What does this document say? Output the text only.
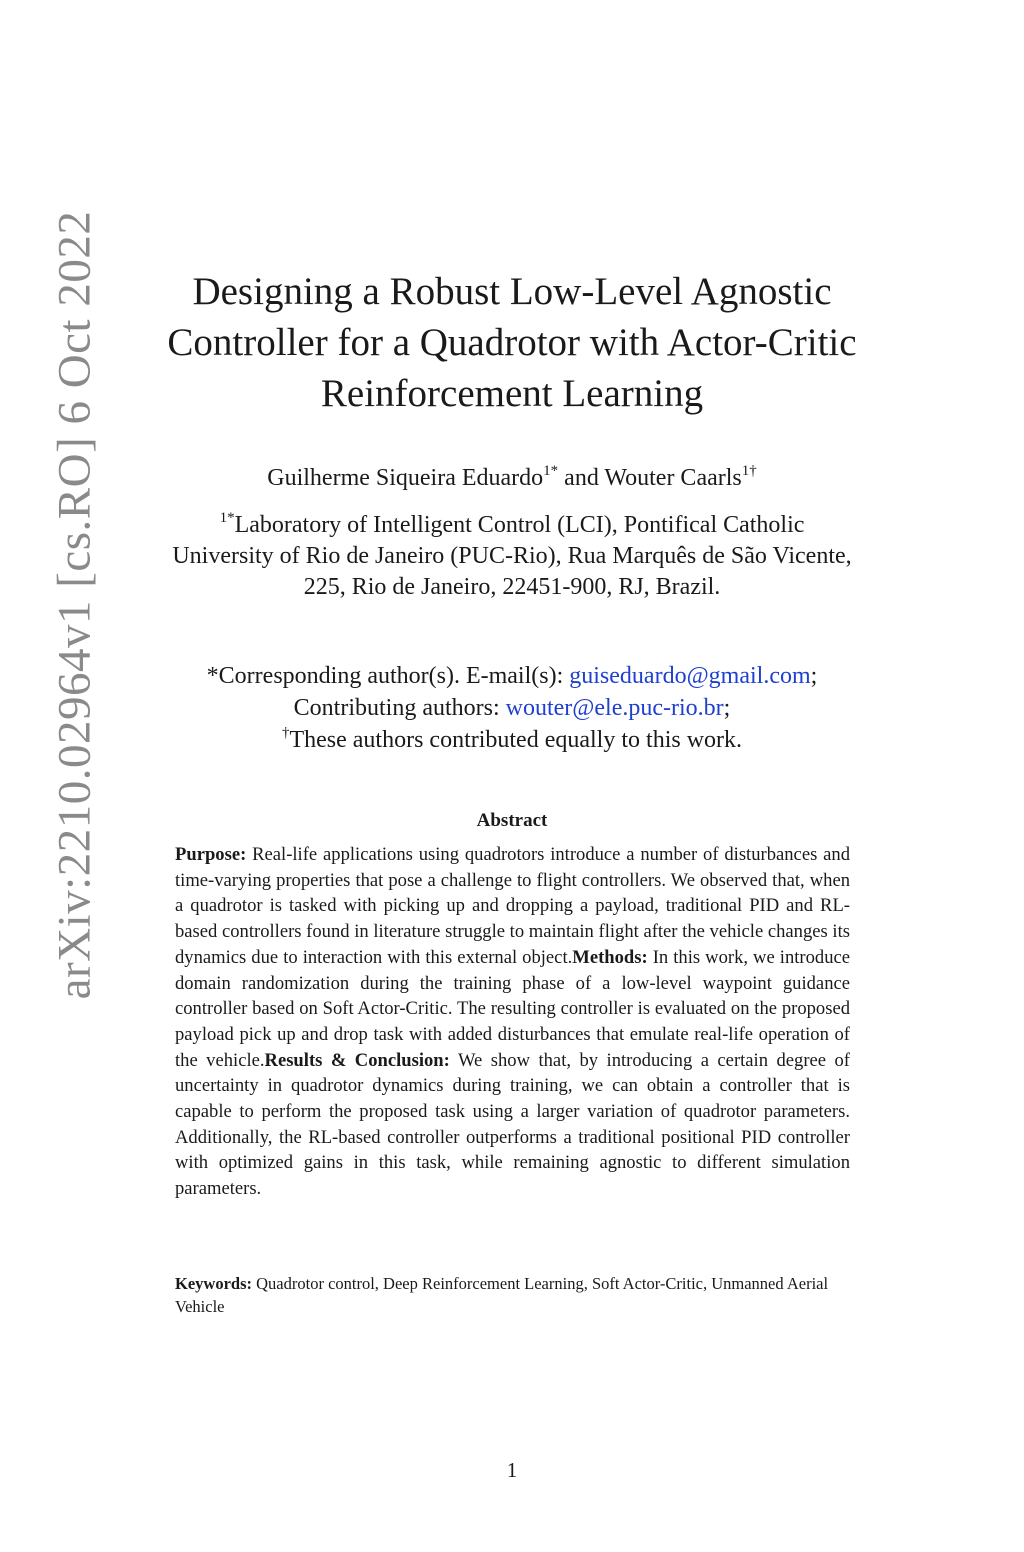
arXiv:2210.02964v1 [cs.RO] 6 Oct 2022	Designing a Robust Low-Level Agnostic
Controller for a Quadrotor with Actor-Critic
Reinforcement Learning
Guilherme Siqueira Eduardo$^{1*}$ and Wouter Caarls$^{1\dagger}$
$^{1*}$Laboratory of Intelligent Control (LCI), Pontifical Catholic
University of Rio de Janeiro (PUC-Rio), Rua Marquês de São Vicente,
225, Rio de Janeiro, 22451-900, RJ, Brazil.
*Corresponding author(s). E-mail(s): guiseduardo@gmail.com;
Contributing authors: wouter@ele.puc-rio.br;
†These authors contributed equally to this work.
Abstract

Purpose: Real-life applications using quadrotors introduce a number of disturbances and time-varying properties that pose a challenge to flight controllers. We observed that, when a quadrotor is tasked with picking up and dropping a payload, traditional PID and RL-based controllers found in literature struggle to maintain flight after the vehicle changes its dynamics due to interaction with this external object.Methods: In this work, we introduce domain randomization during the training phase of a low-level waypoint guidance controller based on Soft Actor-Critic. The resulting controller is evaluated on the proposed payload pick up and drop task with added disturbances that emulate real-life operation of the vehicle.Results & Conclusion: We show that, by introducing a certain degree of uncertainty in quadrotor dynamics during training, we can obtain a controller that is capable to perform the proposed task using a larger variation of quadrotor parameters. Additionally, the RL-based controller outperforms a traditional positional PID controller with optimized gains in this task, while remaining agnostic to different simulation parameters.

Keywords: Quadrotor control, Deep Reinforcement Learning, Soft Actor-Critic, Unmanned Aerial Vehicle
1
